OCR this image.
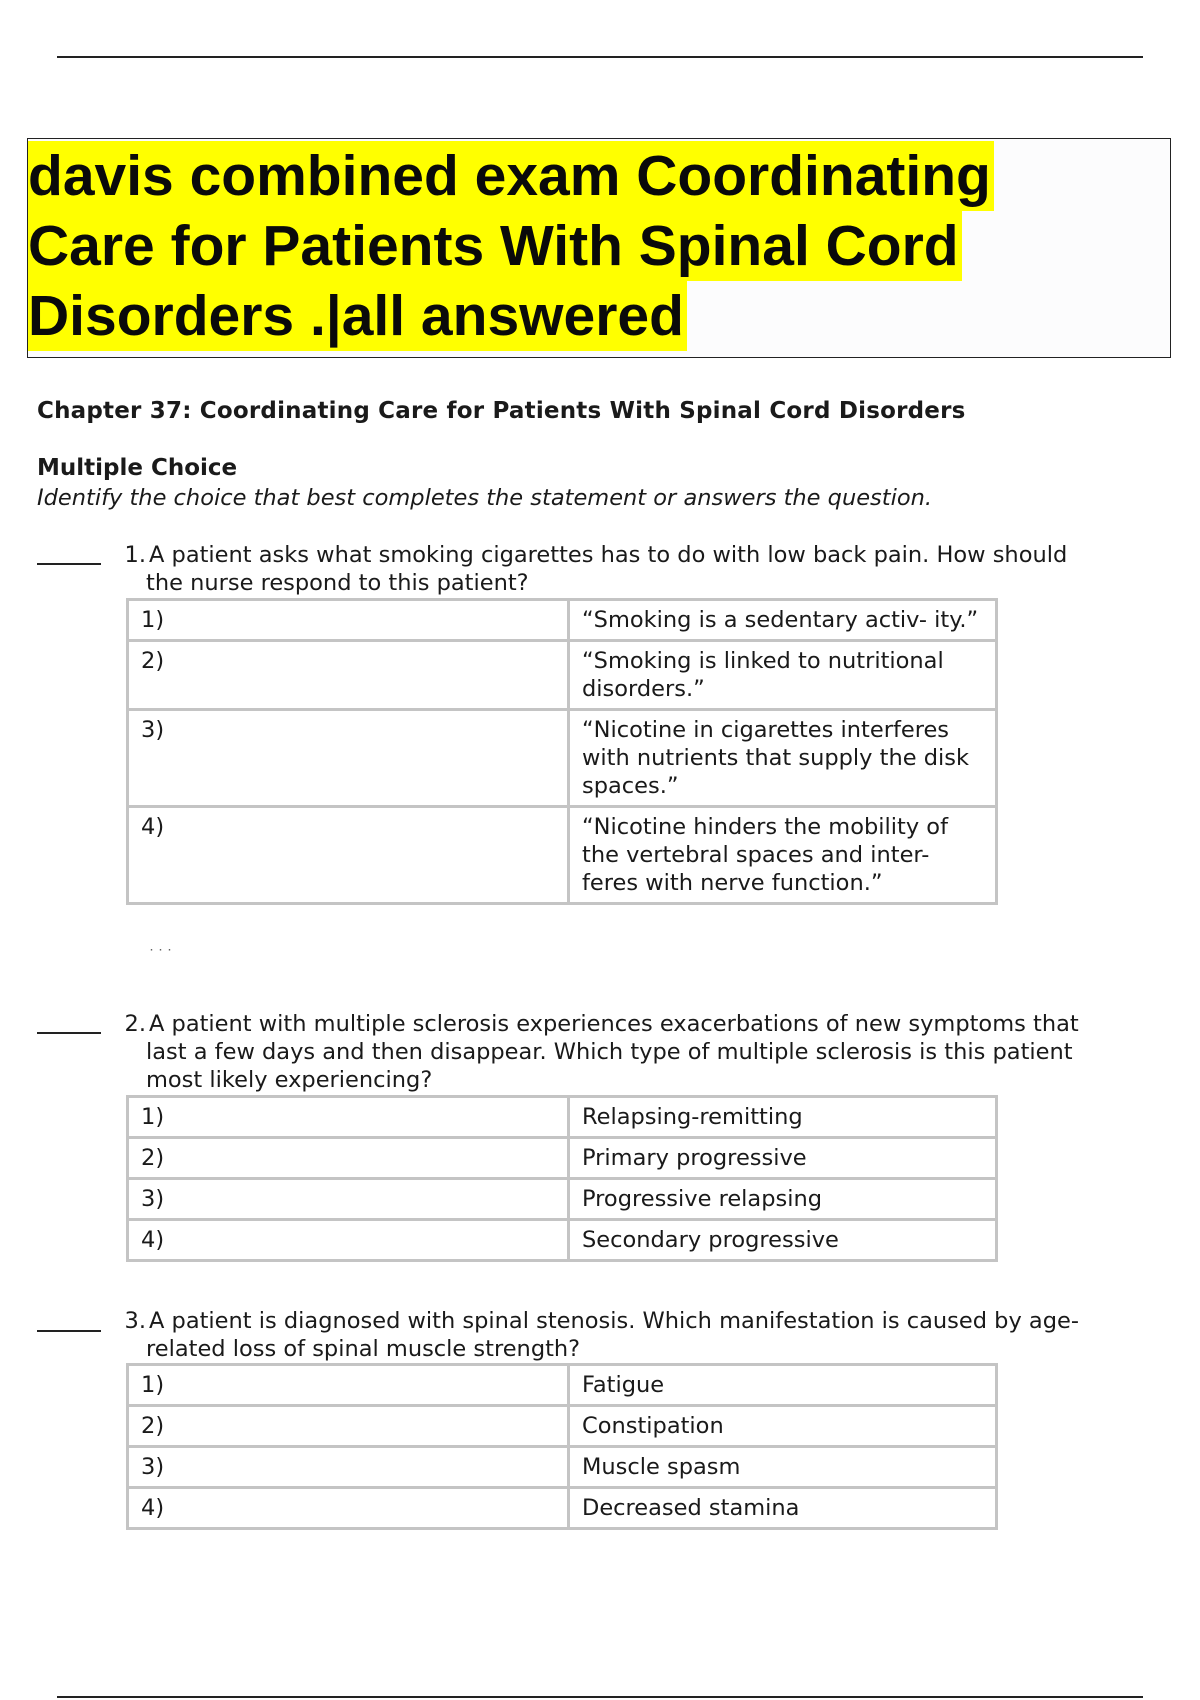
davis combined exam Coordinating
Care for Patients With Spinal Cord
Disorders .|all answered
Chapter 37: Coordinating Care for Patients With Spinal Cord Disorders
Multiple Choice
Identify the choice that best completes the statement or answers the question.
1. A patient asks what smoking cigarettes has to do with low back pain. How should
the nurse respond to this patient?
1)	“Smoking is a sedentary activ- ity.”
2)	“Smoking is linked to nutritional disorders.”
3)	“Nicotine in cigarettes interferes with nutrients that supply the disk spaces.”
4)	“Nicotine hinders the mobility of the vertebral spaces and inter-
feres with nerve function.”
˙˙˙
2. A patient with multiple sclerosis experiences exacerbations of new symptoms that
last a few days and then disappear. Which type of multiple sclerosis is this patient
most likely experiencing?
1)	Relapsing-remitting
2)	Primary progressive
3)	Progressive relapsing
4)	Secondary progressive
3. A patient is diagnosed with spinal stenosis. Which manifestation is caused by age-
related loss of spinal muscle strength?
1)	Fatigue
2)	Constipation
3)	Muscle spasm
4)	Decreased stamina
